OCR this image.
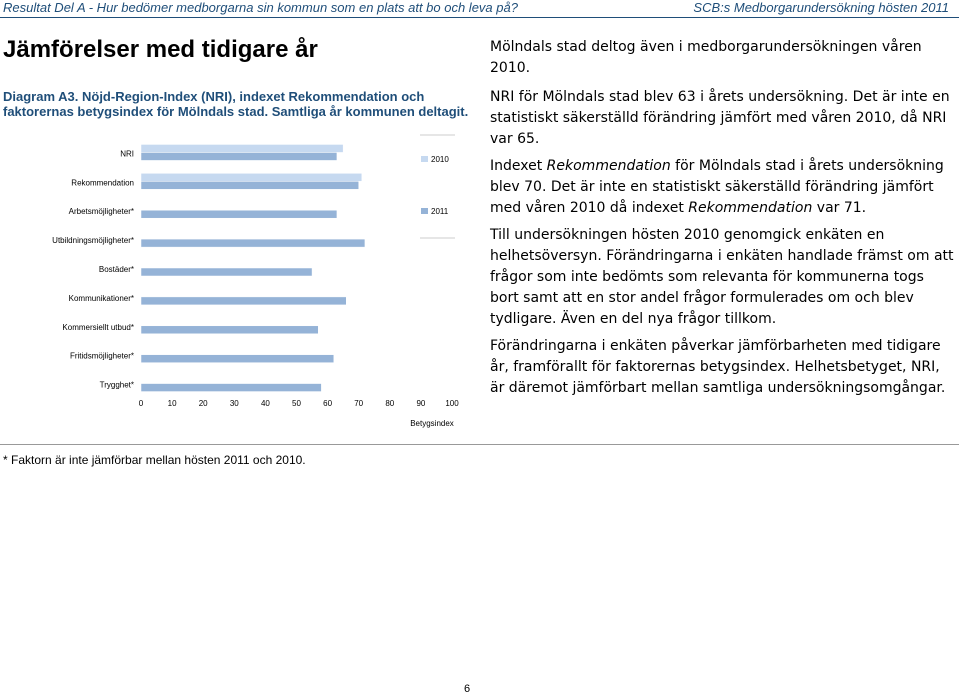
Resultat Del A - Hur bedömer medborgarna sin kommun som en plats att bo och leva på?	SCB:s Medborgarundersökning hösten 2011
Jämförelser med tidigare år
Diagram A3. Nöjd-Region-Index (NRI), indexet Rekommendation och faktorernas betygsindex för Mölndals stad. Samtliga år kommunen deltagit.
NRI
Rekommendation
Arbetsmöjligheter*
Utbildningsmöjligheter*
Bostäder*
Kommunikationer*
Kommersiellt utbud*
Fritidsmöjligheter*
Trygghet*
0	10	20	30	40	50	60	70	80	90 100
Betygsindex
2010
2011
* Faktorn är inte jämförbar mellan hösten 2011 och 2010.

Mölndals stad deltog även i medborgarundersökningen våren 2010.

NRI för Mölndals stad blev 63 i årets undersökning. Det är inte en statistiskt säkerställd förändring jämfört med våren 2010, då NRI var 65.

Indexet Rekommendation för Mölndals stad i årets undersökning blev 70. Det är inte en statistiskt säkerställd förändring jämfört med våren 2010 då indexet Rekommendation var 71.

Till undersökningen hösten 2010 genomgick enkäten en helhetsöversyn. Förändringarna i enkäten handlade främst om att frågor som inte bedömts som relevanta för kommunerna togs bort samt att en stor andel frågor formulerades om och blev tydligare. Även en del nya frågor tillkom.

Förändringarna i enkäten påverkar jämförbarheten med tidigare år, framförallt för faktorernas betygsindex. Helhetsbetyget, NRI, är däremot jämförbart mellan samtliga undersökningsomgångar.

6
